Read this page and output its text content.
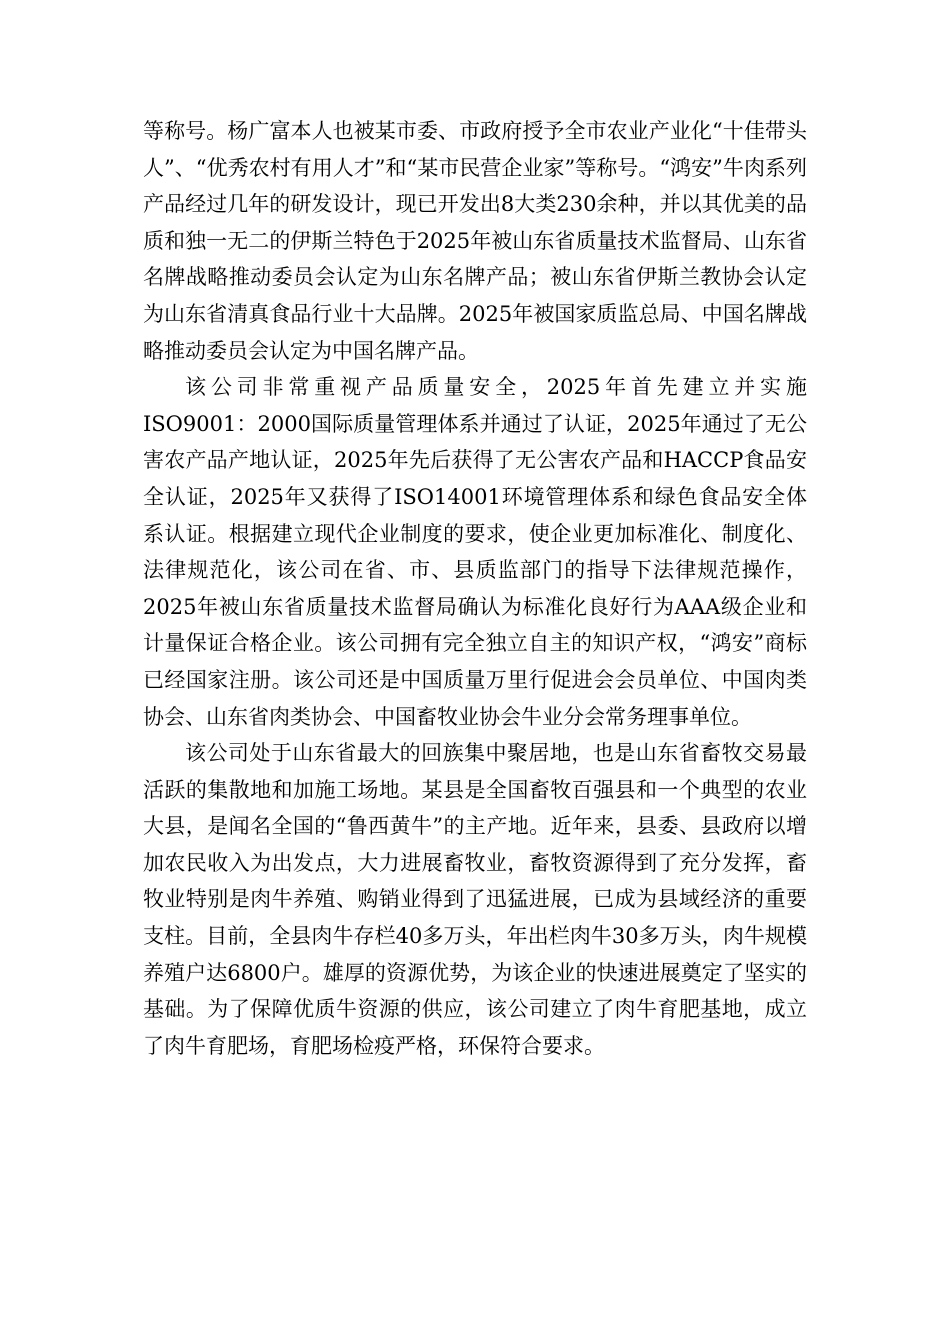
等称号。杨广富本人也被某市委、市政府授予全市农业产业化“十佳带头人”、“优秀农村有用人才”和“某市民营企业家”等称号。“鸿安”牛肉系列产品经过几年的研发设计，现已开发出8大类230余种，并以其优美的品质和独一无二的伊斯兰特色于2025年被山东省质量技术监督局、山东省名牌战略推动委员会认定为山东名牌产品；被山东省伊斯兰教协会认定为山东省清真食品行业十大品牌。2025年被国家质监总局、中国名牌战略推动委员会认定为中国名牌产品。

该公司非常重视产品质量安全，2025年首先建立并实施ISO9001：2000国际质量管理体系并通过了认证，2025年通过了无公害农产品产地认证，2025年先后获得了无公害农产品和HACCP食品安全认证，2025年又获得了ISO14001环境管理体系和绿色食品安全体系认证。根据建立现代企业制度的要求，使企业更加标准化、制度化、法律规范化，该公司在省、市、县质监部门的指导下法律规范操作，2025年被山东省质量技术监督局确认为标准化良好行为AAA级企业和计量保证合格企业。该公司拥有完全独立自主的知识产权，“鸿安”商标已经国家注册。该公司还是中国质量万里行促进会会员单位、中国肉类协会、山东省肉类协会、中国畜牧业协会牛业分会常务理事单位。

该公司处于山东省最大的回族集中聚居地，也是山东省畜牧交易最活跃的集散地和加施工场地。某县是全国畜牧百强县和一个典型的农业大县，是闻名全国的“鲁西黄牛”的主产地。近年来，县委、县政府以增加农民收入为出发点，大力进展畜牧业，畜牧资源得到了充分发挥，畜牧业特别是肉牛养殖、购销业得到了迅猛进展，已成为县域经济的重要支柱。目前，全县肉牛存栏40多万头，年出栏肉牛30多万头，肉牛规模养殖户达6800户。雄厚的资源优势，为该企业的快速进展奠定了坚实的基础。为了保障优质牛资源的供应，该公司建立了肉牛育肥基地，成立了肉牛育肥场，育肥场检疫严格，环保符合要求。
